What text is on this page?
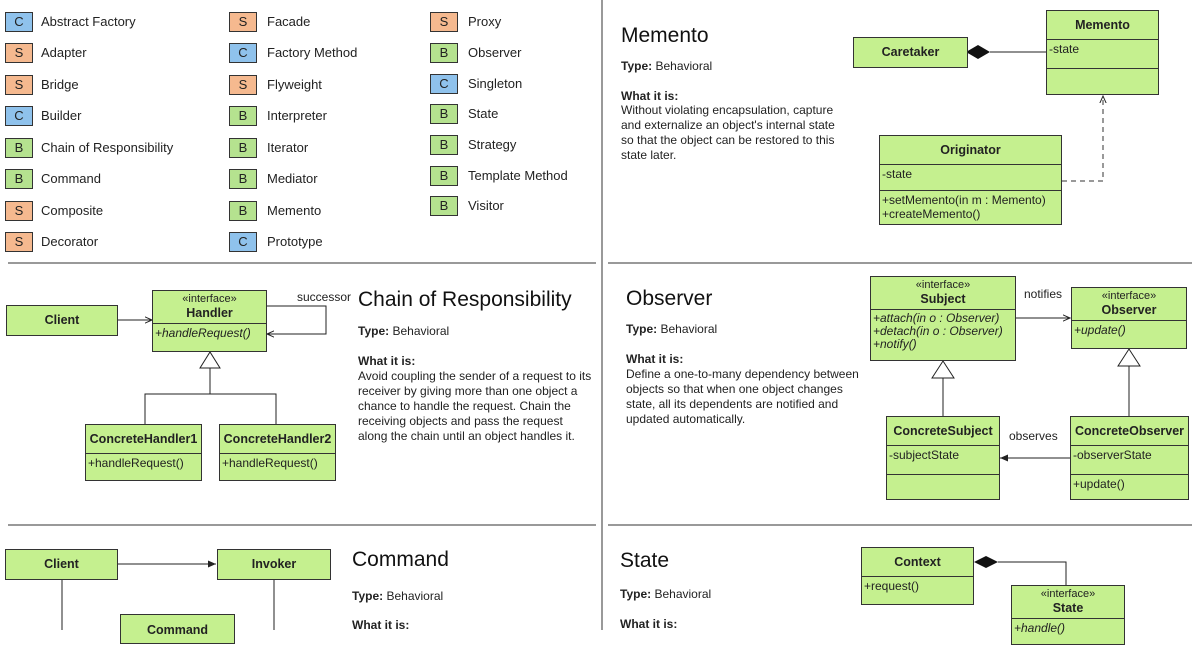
C	Abstract Factory
S	Adapter
S	Bridge
C	Builder
B	Chain of Responsibility
B	Command
S	Composite
S	Decorator
S	Facade
C	Factory Method
S	Flyweight
B	Interpreter
B	Iterator
B	Mediator
B	Memento
C	Prototype
S	Proxy
B	Observer
C	Singleton
B	State
B	Strategy
B	Template Method
B	Visitor
Memento
Type: Behavioral
What it is:
Without violating encapsulation, capture and externalize an object's internal state so that the object can be restored to this state later.
Caretaker
Memento
-state
Originator
-state
+setMemento(in m : Memento)
+createMemento()
Client
«interface»
Handler
+handleRequest()
successor
ConcreteHandler1
+handleRequest()
ConcreteHandler2
+handleRequest()
Chain of Responsibility
Type: Behavioral
What it is:
Avoid coupling the sender of a request to its receiver by giving more than one object a chance to handle the request. Chain the receiving objects and pass the request along the chain until an object handles it.
Observer
Type: Behavioral
What it is:
Define a one-to-many dependency between objects so that when one object changes state, all its dependents are notified and updated automatically.
«interface»
Subject
+attach(in o : Observer)
+detach(in o : Observer)
+notify()
notifies	«interface»
Observer
+update()
ConcreteSubject
-subjectState
observes	ConcreteObserver
-observerState
+update()
Client	Invoker
Command
Command
Type: Behavioral
What it is:
State
Type: Behavioral
What it is:
Context
+request()
«interface»
State
+handle()
